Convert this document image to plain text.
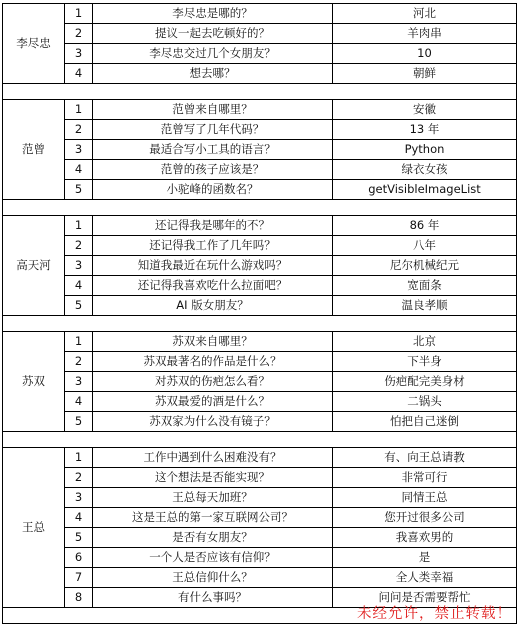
李尽忠	1	李尽忠是哪的？	河北
	2	提议一起去吃顿好的？	羊肉串
	3	李尽忠交过几个女朋友？	10
	4	想去哪？	朝鲜

范曾	1	范曾来自哪里？	安徽
	2	范曾写了几年代码？	13 年
	3	最适合写小工具的语言？	Python
	4	范曾的孩子应该是？	绿衣女孩
	5	小驼峰的函数名？	getVisibleImageList

高天河	1	还记得我是哪年的不？	86 年
	2	还记得我工作了几年吗？	八年
	3	知道我最近在玩什么游戏吗？	尼尔机械纪元
	4	还记得我喜欢吃什么拉面吧？	宽面条
	5	AI 版女朋友？	温良孝顺

苏双	1	苏双来自哪里？	北京
	2	苏双最著名的作品是什么？	下半身
	3	对苏双的伤疤怎么看？	伤疤配完美身材
	4	苏双最爱的酒是什么？	二锅头
	5	苏双家为什么没有镜子？	怕把自己迷倒

王总	1	工作中遇到什么困难没有？	有、向王总请教
	2	这个想法是否能实现？	非常可行
	3	王总每天加班？	同情王总
	4	这是王总的第一家互联网公司？	您开过很多公司
	5	是否有女朋友？	我喜欢男的
	6	一个人是否应该有信仰？	是
	7	王总信仰什么？	全人类幸福
	8	有什么事吗？	问问是否需要帮忙

未经允许，禁止转载！
